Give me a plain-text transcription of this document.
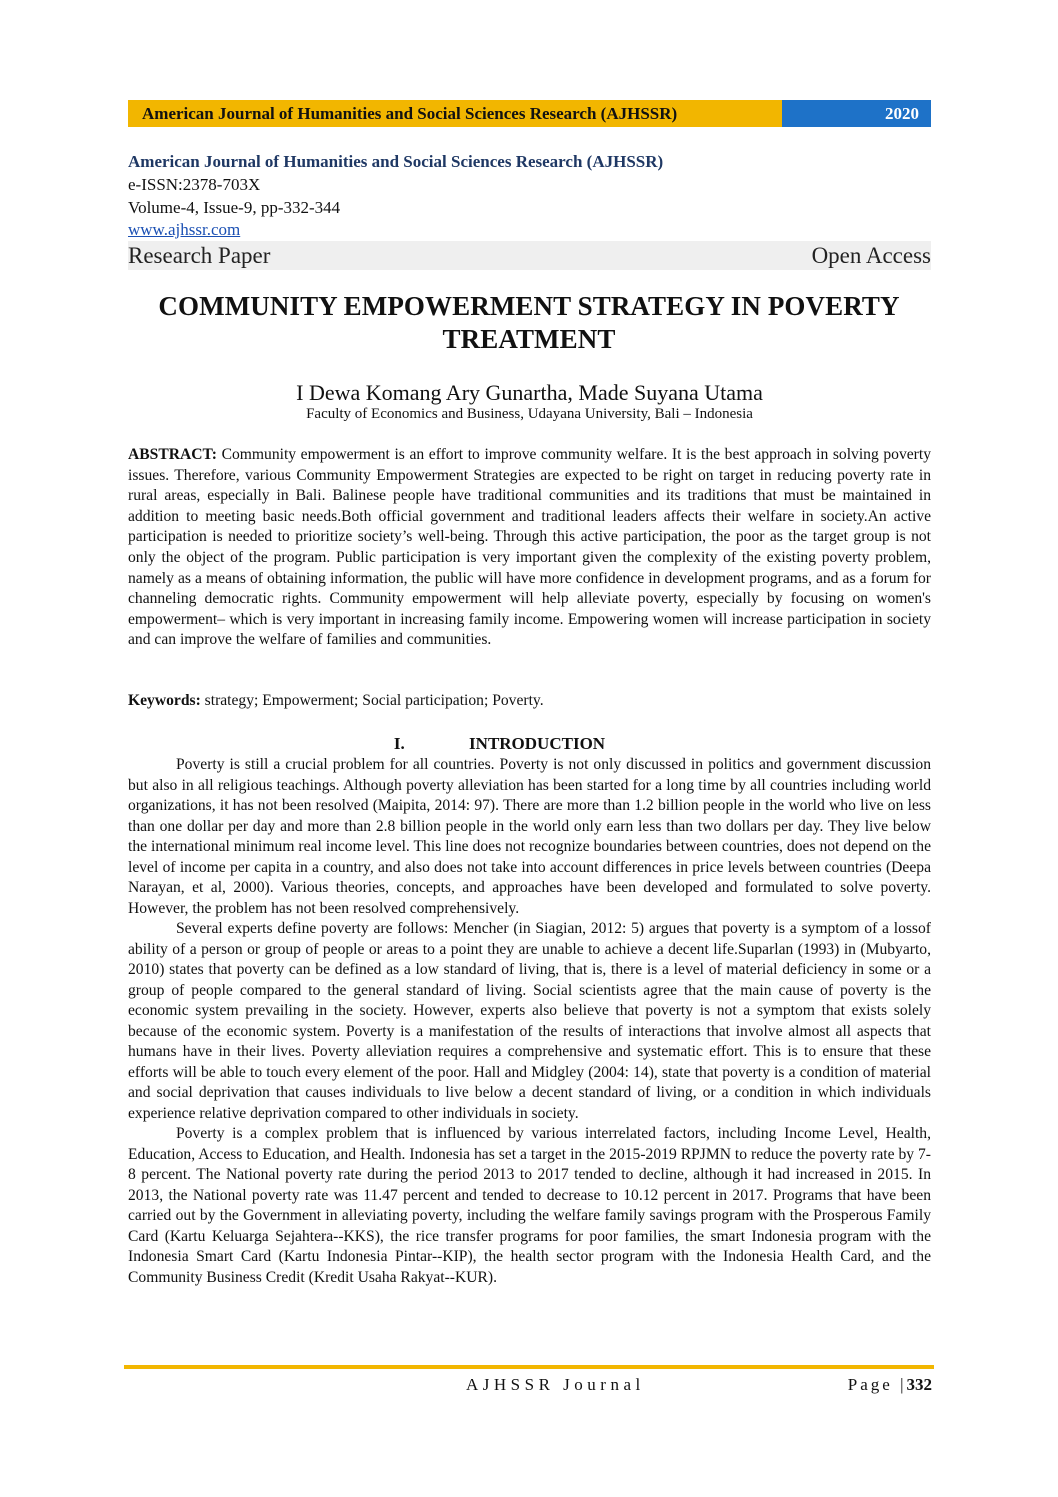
American Journal of Humanities and Social Sciences Research (AJHSSR)	2020
American Journal of Humanities and Social Sciences Research (AJHSSR)
e-ISSN:2378-703X
Volume-4, Issue-9, pp-332-344
www.ajhssr.com
Research Paper	Open Access
COMMUNITY EMPOWERMENT STRATEGY IN POVERTY
TREATMENT
I Dewa Komang Ary Gunartha, Made Suyana Utama
Faculty of Economics and Business, Udayana University, Bali – Indonesia
ABSTRACT: Community empowerment is an effort to improve community welfare. It is the best approach in solving poverty issues. Therefore, various Community Empowerment Strategies are expected to be right on target in reducing poverty rate in rural areas, especially in Bali. Balinese people have traditional communities and its traditions that must be maintained in addition to meeting basic needs.Both official government and traditional leaders affects their welfare in society.An active participation is needed to prioritize society’s well-being. Through this active participation, the poor as the target group is not only the object of the program. Public participation is very important given the complexity of the existing poverty problem, namely as a means of obtaining information, the public will have more confidence in development programs, and as a forum for channeling democratic rights. Community empowerment will help alleviate poverty, especially by focusing on women's empowerment– which is very important in increasing family income. Empowering women will increase participation in society and can improve the welfare of families and communities.
Keywords: strategy; Empowerment; Social participation; Poverty.
I.	INTRODUCTION

Poverty is still a crucial problem for all countries. Poverty is not only discussed in politics and government discussion but also in all religious teachings. Although poverty alleviation has been started for a long time by all countries including world organizations, it has not been resolved (Maipita, 2014: 97). There are more than 1.2 billion people in the world who live on less than one dollar per day and more than 2.8 billion people in the world only earn less than two dollars per day. They live below the international minimum real income level. This line does not recognize boundaries between countries, does not depend on the level of income per capita in a country, and also does not take into account differences in price levels between countries (Deepa Narayan, et al, 2000). Various theories, concepts, and approaches have been developed and formulated to solve poverty. However, the problem has not been resolved comprehensively.

Several experts define poverty are follows: Mencher (in Siagian, 2012: 5) argues that poverty is a symptom of a lossof ability of a person or group of people or areas to a point they are unable to achieve a decent life.Suparlan (1993) in (Mubyarto, 2010) states that poverty can be defined as a low standard of living, that is, there is a level of material deficiency in some or a group of people compared to the general standard of living. Social scientists agree that the main cause of poverty is the economic system prevailing in the society. However, experts also believe that poverty is not a symptom that exists solely because of the economic system. Poverty is a manifestation of the results of interactions that involve almost all aspects that humans have in their lives. Poverty alleviation requires a comprehensive and systematic effort. This is to ensure that these efforts will be able to touch every element of the poor. Hall and Midgley (2004: 14), state that poverty is a condition of material and social deprivation that causes individuals to live below a decent standard of living, or a condition in which individuals experience relative deprivation compared to other individuals in society.

Poverty is a complex problem that is influenced by various interrelated factors, including Income Level, Health, Education, Access to Education, and Health. Indonesia has set a target in the 2015-2019 RPJMN to reduce the poverty rate by 7-8 percent. The National poverty rate during the period 2013 to 2017 tended to decline, although it had increased in 2015. In 2013, the National poverty rate was 11.47 percent and tended to decrease to 10.12 percent in 2017. Programs that have been carried out by the Government in alleviating poverty, including the welfare family savings program with the Prosperous Family Card (Kartu Keluarga Sejahtera--KKS), the rice transfer programs for poor families, the smart Indonesia program with the Indonesia Smart Card (Kartu Indonesia Pintar--KIP), the health sector program with the Indonesia Health Card, and the Community Business Credit (Kredit Usaha Rakyat--KUR).

AJHSSR Journal	Page |332
